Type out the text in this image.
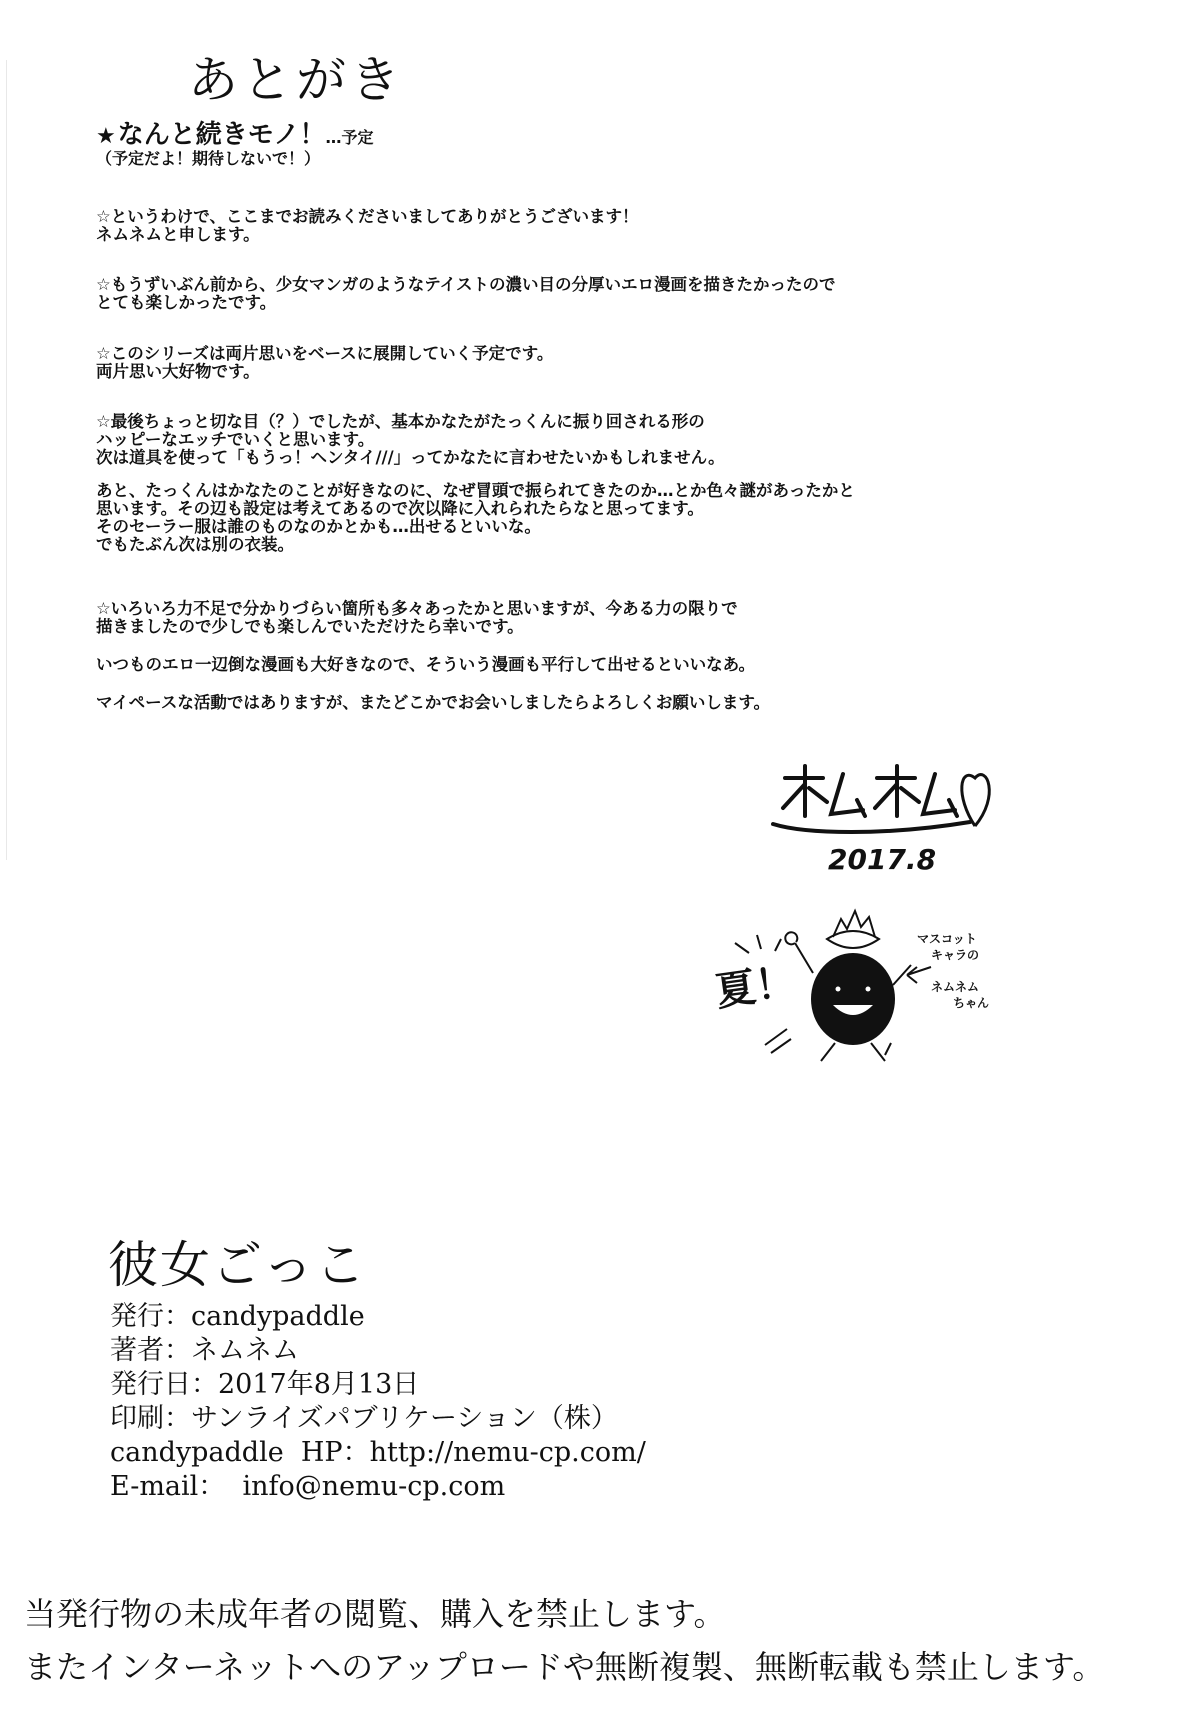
あとがき
★なんと続きモノ！…予定
（予定だよ！期待しないで！）

☆というわけで、ここまでお読みくださいましてありがとうございます！
ネムネムと申します。

☆もうずいぶん前から、少女マンガのようなテイストの濃い目の分厚いエロ漫画を描きたかったので
とても楽しかったです。

☆このシリーズは両片思いをベースに展開していく予定です。
両片思い大好物です。

☆最後ちょっと切な目（？）でしたが、基本かなたがたっくんに振り回される形の
ハッピーなエッチでいくと思います。
次は道具を使って「もうっ！ヘンタイ///」ってかなたに言わせたいかもしれません。

あと、たっくんはかなたのことが好きなのに、なぜ冒頭で振られてきたのか…とか色々謎があったかと
思います。その辺も設定は考えてあるので次以降に入れられたらなと思ってます。
そのセーラー服は誰のものなのかとかも…出せるといいな。
でもたぶん次は別の衣装。

☆いろいろ力不足で分かりづらい箇所も多々あったかと思いますが、今ある力の限りで
描きましたので少しでも楽しんでいただけたら幸いです。

いつものエロ一辺倒な漫画も大好きなので、そういう漫画も平行して出せるといいなあ。

マイペースな活動ではありますが、またどこかでお会いしましたらよろしくお願いします。

2017.8
夏！
マスコット
キャラの
ネムネム
ちゃん
彼女ごっこ
発行：candypaddle
著者：ネムネム
発行日：2017年8月13日
印刷：サンライズパブリケーション（株）
candypaddle  HP：http://nemu-cp.com/
E-mail：  info@nemu-cp.com
当発行物の未成年者の閲覧、購入を禁止します。
またインターネットへのアップロードや無断複製、無断転載も禁止します。
